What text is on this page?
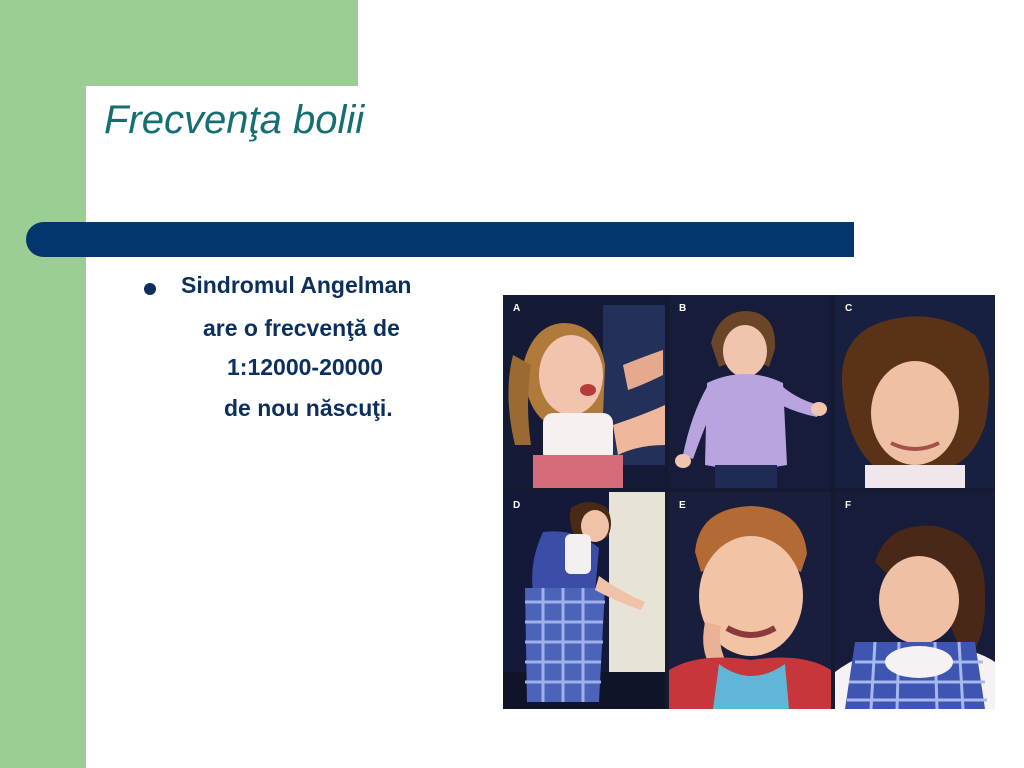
Frecvenţa bolii
Sindromul Angelman
are o frecvenţă de
1:12000-20000
de nou născuţi.
A	B	C
D	E	F
